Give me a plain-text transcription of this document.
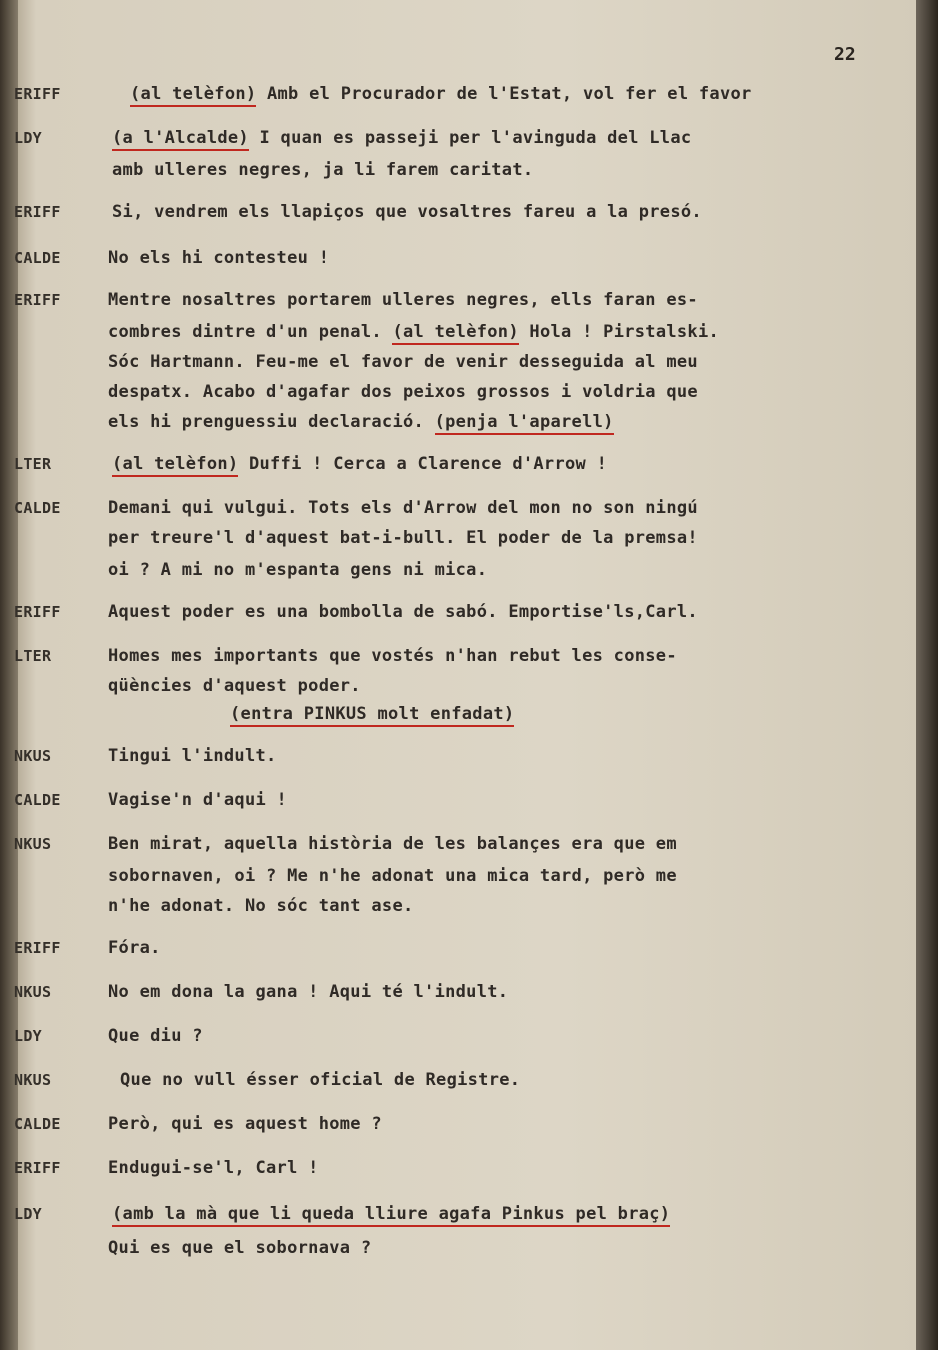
22
ERIFF	(al telèfon) Amb el Procurador de l'Estat, vol fer el favor
LDY	(a l'Alcalde) I quan es passeji per l'avinguda del Llac
amb ulleres negres, ja li farem caritat.
ERIFF	Si, vendrem els llapiços que vosaltres fareu a la presó.
CALDE	No els hi contesteu !
ERIFF	Mentre nosaltres portarem ulleres negres, ells faran es-
combres dintre d'un penal. (al telèfon) Hola ! Pirstalski.
Sóc Hartmann. Feu-me el favor de venir desseguida al meu
despatx. Acabo d'agafar dos peixos grossos i voldria que
els hi prenguessiu declaració. (penja l'aparell)
LTER	(al telèfon) Duffi ! Cerca a Clarence d'Arrow !
CALDE	Demani qui vulgui. Tots els d'Arrow del mon no son ningú
per treure'l d'aquest bat-i-bull. El poder de la premsa!
oi ? A mi no m'espanta gens ni mica.
ERIFF	Aquest poder es una bombolla de sabó. Emportise'ls,Carl.
LTER	Homes mes importants que vostés n'han rebut les conse-
qüències d'aquest poder.
(entra PINKUS molt enfadat)
NKUS	Tingui l'indult.
CALDE	Vagise'n d'aqui !
NKUS	Ben mirat, aquella història de les balançes era que em
sobornaven, oi ? Me n'he adonat una mica tard, però me
n'he adonat. No sóc tant ase.
ERIFF	Fóra.
NKUS	No em dona la gana ! Aqui té l'indult.
LDY	Que diu ?
NKUS	Que no vull ésser oficial de Registre.
CALDE	Però, qui es aquest home ?
ERIFF	Endugui-se'l, Carl !
LDY	(amb la mà que li queda lliure agafa Pinkus pel braç)
Qui es que el sobornava ?
